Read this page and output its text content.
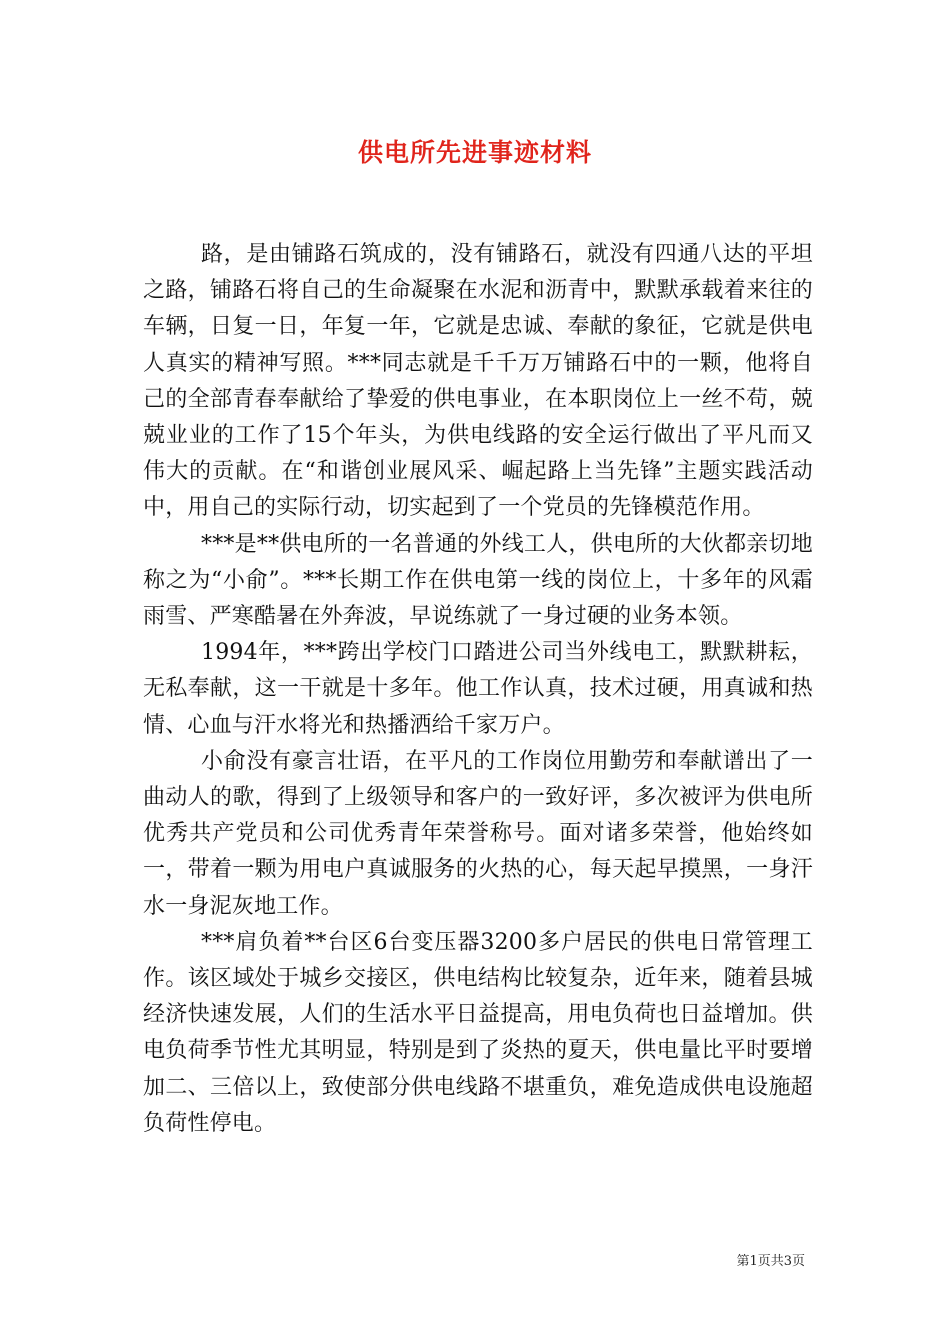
供电所先进事迹材料

路，是由铺路石筑成的，没有铺路石，就没有四通八达的平坦之路，铺路石将自己的生命凝聚在水泥和沥青中，默默承载着来往的车辆，日复一日，年复一年，它就是忠诚、奉献的象征，它就是供电人真实的精神写照。***同志就是千千万万铺路石中的一颗，他将自己的全部青春奉献给了挚爱的供电事业，在本职岗位上一丝不苟，兢兢业业的工作了15个年头，为供电线路的安全运行做出了平凡而又伟大的贡献。在“和谐创业展风采、崛起路上当先锋”主题实践活动中，用自己的实际行动，切实起到了一个党员的先锋模范作用。

***是**供电所的一名普通的外线工人，供电所的大伙都亲切地称之为“小俞”。***长期工作在供电第一线的岗位上，十多年的风霜雨雪、严寒酷暑在外奔波，早说练就了一身过硬的业务本领。

1994年，***跨出学校门口踏进公司当外线电工，默默耕耘，无私奉献，这一干就是十多年。他工作认真，技术过硬，用真诚和热情、心血与汗水将光和热播洒给千家万户。

小俞没有豪言壮语，在平凡的工作岗位用勤劳和奉献谱出了一曲动人的歌，得到了上级领导和客户的一致好评，多次被评为供电所优秀共产党员和公司优秀青年荣誉称号。面对诸多荣誉，他始终如一，带着一颗为用电户真诚服务的火热的心，每天起早摸黑，一身汗水一身泥灰地工作。

***肩负着**台区6台变压器3200多户居民的供电日常管理工作。该区域处于城乡交接区，供电结构比较复杂，近年来，随着县城经济快速发展，人们的生活水平日益提高，用电负荷也日益增加。供电负荷季节性尤其明显，特别是到了炎热的夏天，供电量比平时要增加二、三倍以上，致使部分供电线路不堪重负，难免造成供电设施超负荷性停电。

第1页共3页
